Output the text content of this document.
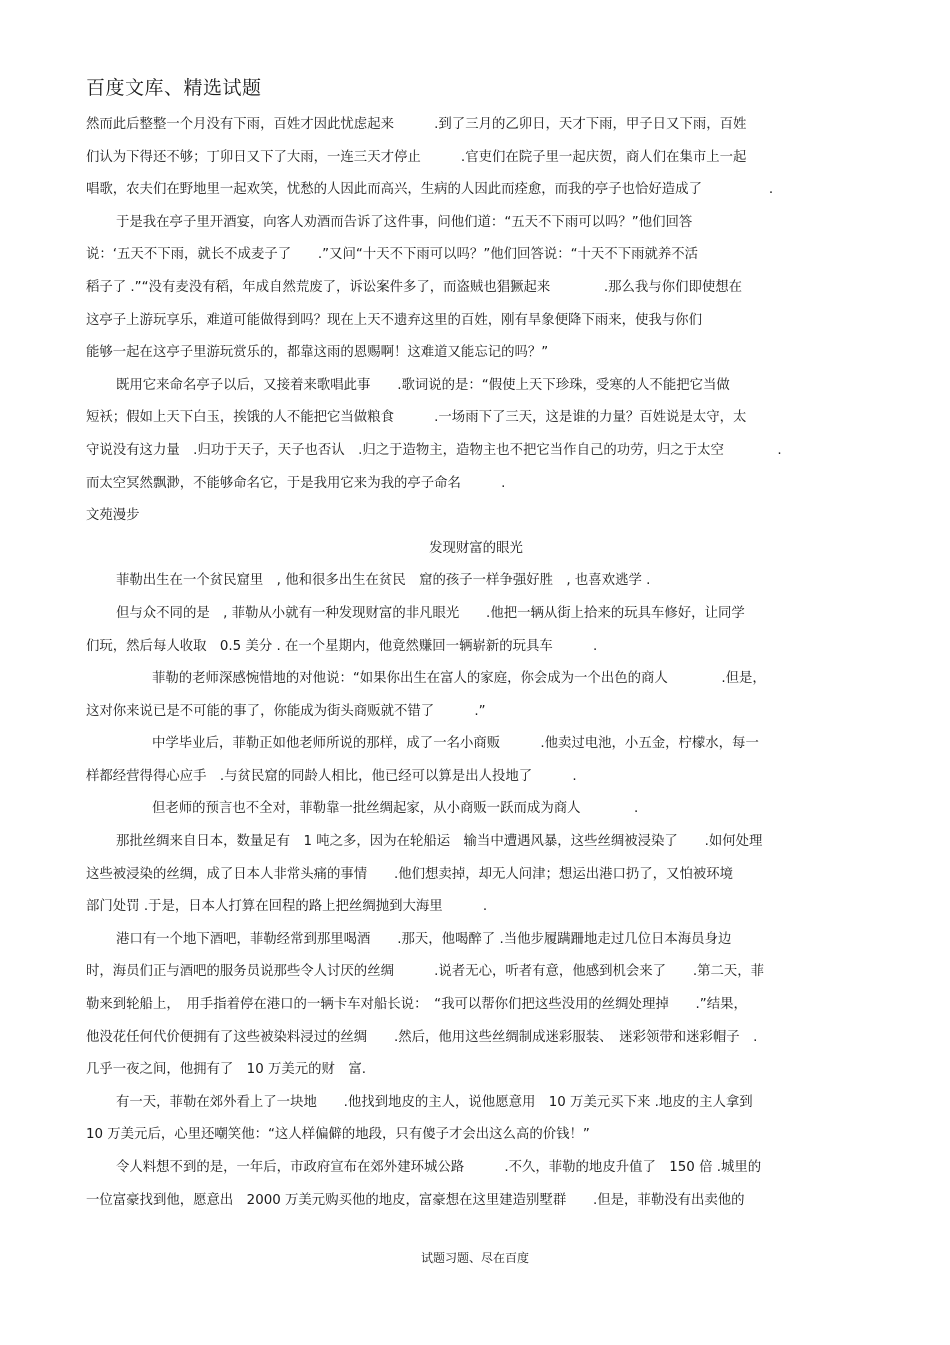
百度文库、精选试题
然而此后整整一个月没有下雨，百姓才因此忧虑起来　　　.到了三月的乙卯日，天才下雨，甲子日又下雨，百姓
们认为下得还不够；丁卯日又下了大雨，一连三天才停止　　　.官吏们在院子里一起庆贺，商人们在集市上一起
唱歌，农夫们在野地里一起欢笑，忧愁的人因此而高兴，生病的人因此而痊愈，而我的亭子也恰好造成了　　　　　.
于是我在亭子里开酒宴，向客人劝酒而告诉了这件事，问他们道：“五天不下雨可以吗？”他们回答
说：‘五天不下雨，就长不成麦子了　　.”又问“十天不下雨可以吗？”他们回答说：“十天不下雨就养不活
稻子了 .”“没有麦没有稻，年成自然荒废了，诉讼案件多了，而盗贼也猖獗起来　　　　.那么我与你们即使想在
这亭子上游玩享乐，难道可能做得到吗？现在上天不遗弃这里的百姓，刚有旱象便降下雨来，使我与你们
能够一起在这亭子里游玩赏乐的，都靠这雨的恩赐啊！这难道又能忘记的吗？”
既用它来命名亭子以后，又接着来歌唱此事　　.歌词说的是：“假使上天下珍珠，受寒的人不能把它当做
短袄；假如上天下白玉，挨饿的人不能把它当做粮食　　　.一场雨下了三天，这是谁的力量？百姓说是太守，太
守说没有这力量　.归功于天子，天子也否认　.归之于造物主，造物主也不把它当作自己的功劳，归之于太空　　　　.
而太空冥然飘渺，不能够命名它，于是我用它来为我的亭子命名　　　.
文苑漫步
发现财富的眼光
菲勒出生在一个贫民窟里　, 他和很多出生在贫民　窟的孩子一样争强好胜　, 也喜欢逃学 .
但与众不同的是　, 菲勒从小就有一种发现财富的非凡眼光　　.他把一辆从街上拾来的玩具车修好，让同学
们玩，然后每人收取　0.5 美分 . 在一个星期内，他竟然赚回一辆崭新的玩具车　　　.
菲勒的老师深感惋惜地的对他说：“如果你出生在富人的家庭，你会成为一个出色的商人　　　　.但是，
这对你来说已是不可能的事了，你能成为街头商贩就不错了　　　.”
中学毕业后，菲勒正如他老师所说的那样，成了一名小商贩　　　.他卖过电池，小五金，柠檬水，每一
样都经营得得心应手　.与贫民窟的同龄人相比，他已经可以算是出人投地了　　　.
但老师的预言也不全对，菲勒靠一批丝绸起家，从小商贩一跃而成为商人　　　　.
那批丝绸来自日本，数量足有　1 吨之多，因为在轮船运　输当中遭遇风暴，这些丝绸被浸染了　　.如何处理
这些被浸染的丝绸，成了日本人非常头痛的事情　　.他们想卖掉，却无人问津；想运出港口扔了，又怕被环境
部门处罚 .于是，日本人打算在回程的路上把丝绸抛到大海里　　　.
港口有一个地下酒吧，菲勒经常到那里喝酒　　.那天，他喝醉了 .当他步履蹒跚地走过几位日本海员身边
时，海员们正与酒吧的服务员说那些令人讨厌的丝绸　　　.说者无心，听者有意，他感到机会来了　　.第二天，菲
勒来到轮船上，　用手指着停在港口的一辆卡车对船长说：　“我可以帮你们把这些没用的丝绸处理掉　　.”结果，
他没花任何代价便拥有了这些被染料浸过的丝绸　　.然后，他用这些丝绸制成迷彩服装、　迷彩领带和迷彩帽子　.
几乎一夜之间，他拥有了　10 万美元的财　富.
有一天，菲勒在郊外看上了一块地　　.他找到地皮的主人，说他愿意用　10 万美元买下来 .地皮的主人拿到
10 万美元后，心里还嘲笑他：“这人样偏僻的地段，只有傻子才会出这么高的价钱！”
令人料想不到的是，一年后，市政府宣布在郊外建环城公路　　　.不久，菲勒的地皮升值了　150 倍 .城里的
一位富豪找到他，愿意出　2000 万美元购买他的地皮，富豪想在这里建造别墅群　　.但是，菲勒没有出卖他的
试题习题、尽在百度
